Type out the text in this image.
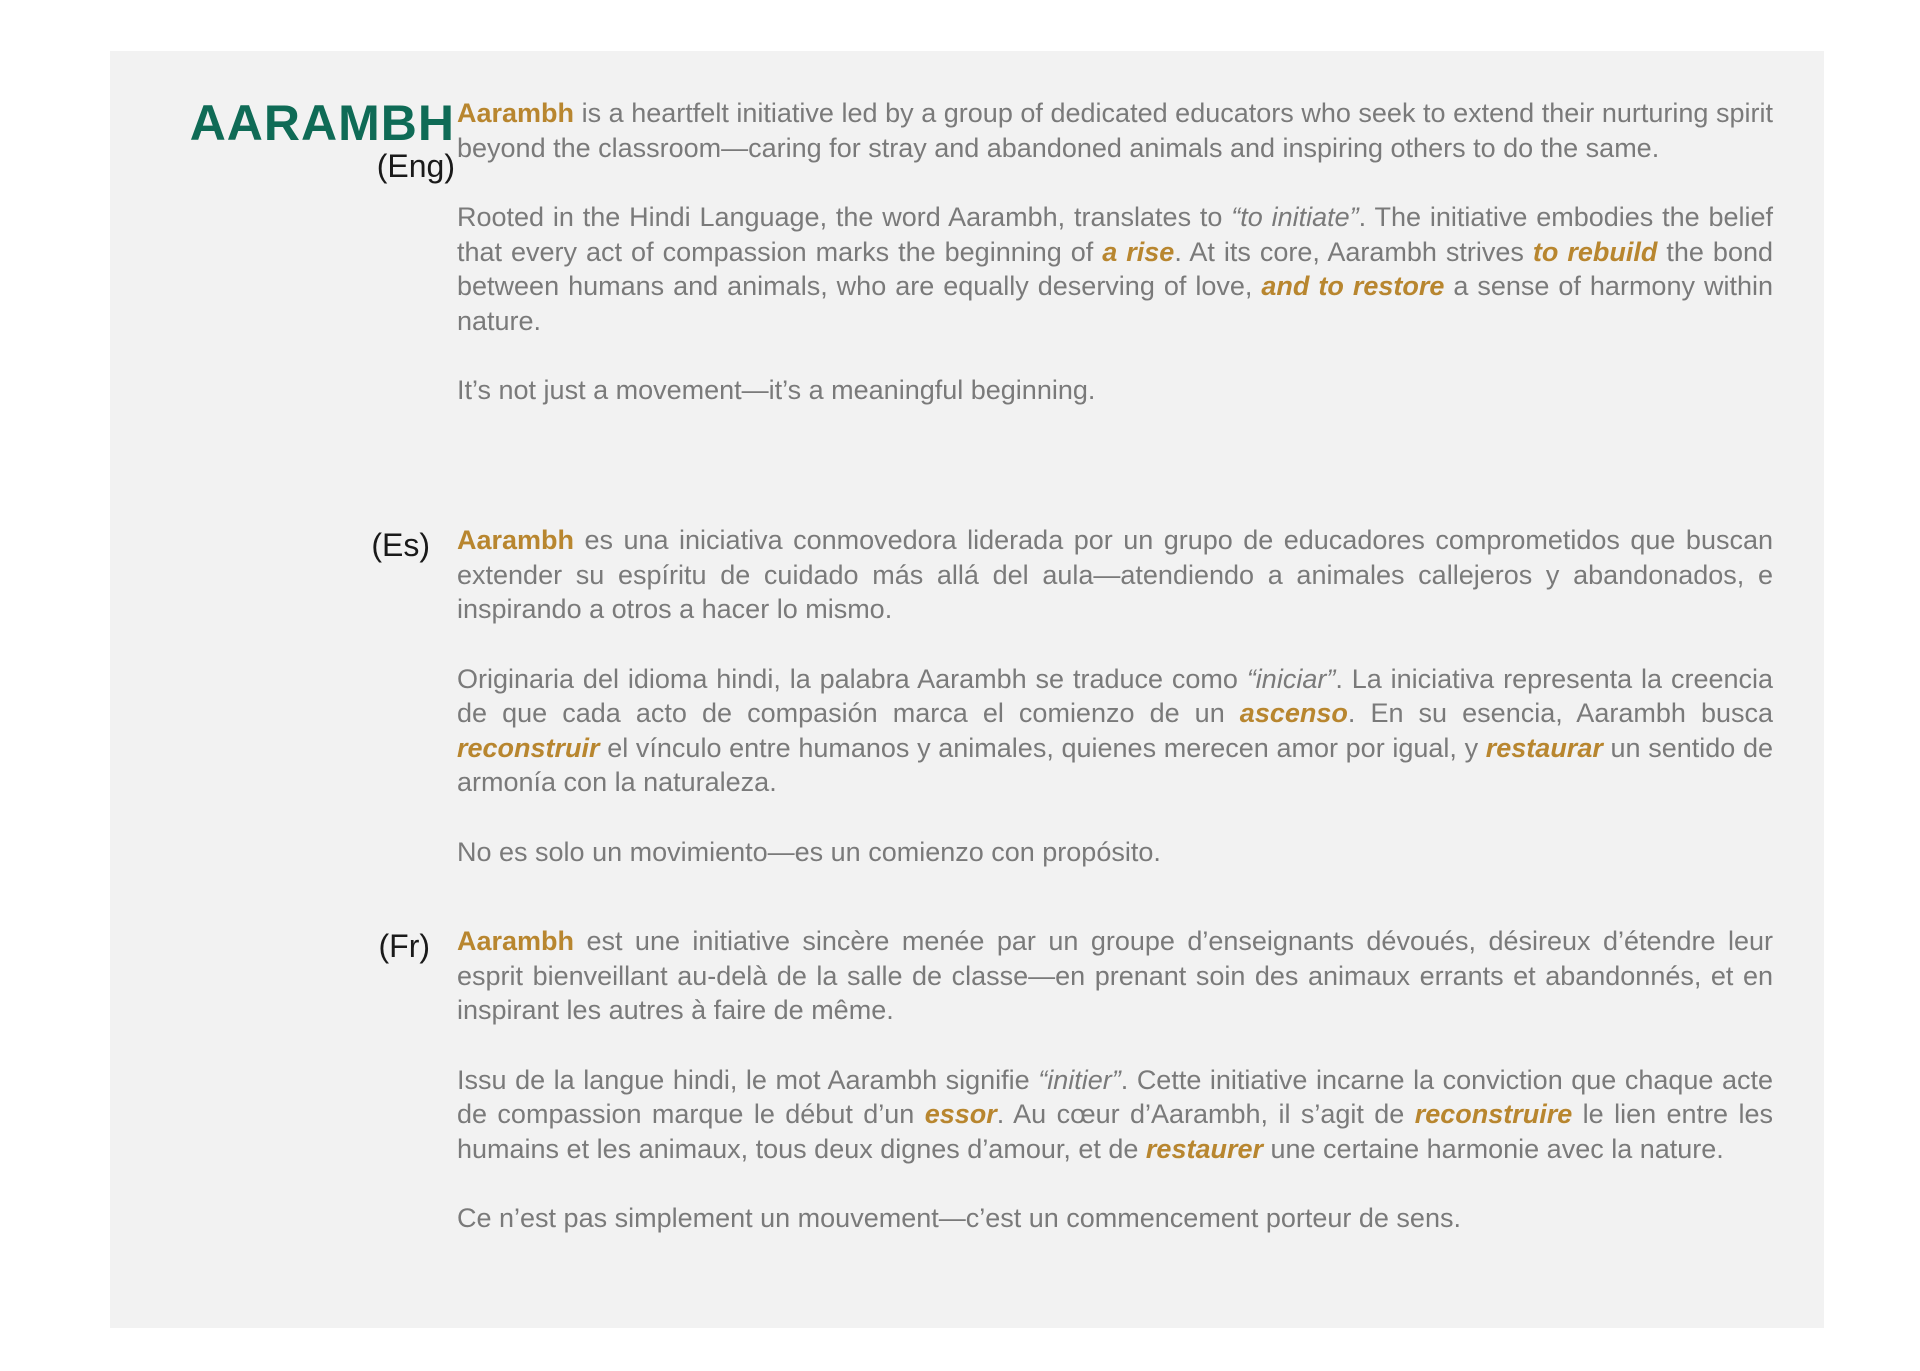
AARAMBH
(Eng)

Aarambh is a heartfelt initiative led by a group of dedicated educators who seek to extend their nurturing spirit beyond the classroom—caring for stray and abandoned animals and inspiring others to do the same.

Rooted in the Hindi Language, the word Aarambh, translates to “to initiate”. The initiative embodies the belief that every act of compassion marks the beginning of a rise. At its core, Aarambh strives to rebuild the bond between humans and animals, who are equally deserving of love, and to restore a sense of harmony within nature.

It’s not just a movement—it’s a meaningful beginning.

(Es) Aarambh es una iniciativa conmovedora liderada por un grupo de educadores comprometidos que buscan extender su espíritu de cuidado más allá del aula—atendiendo a animales callejeros y abandonados, e inspirando a otros a hacer lo mismo.

Originaria del idioma hindi, la palabra Aarambh se traduce como “iniciar”. La iniciativa representa la creencia de que cada acto de compasión marca el comienzo de un ascenso. En su esencia, Aarambh busca reconstruir el vínculo entre humanos y animales, quienes merecen amor por igual, y restaurar un sentido de armonía con la naturaleza.

No es solo un movimiento—es un comienzo con propósito.

(Fr) Aarambh est une initiative sincère menée par un groupe d’enseignants dévoués, désireux d’étendre leur esprit bienveillant au-delà de la salle de classe—en prenant soin des animaux errants et abandonnés, et en inspirant les autres à faire de même.

Issu de la langue hindi, le mot Aarambh signifie “initier”. Cette initiative incarne la conviction que chaque acte de compassion marque le début d’un essor. Au cœur d’Aarambh, il s’agit de reconstruire le lien entre les humains et les animaux, tous deux dignes d’amour, et de restaurer une certaine harmonie avec la nature.

Ce n’est pas simplement un mouvement—c’est un commencement porteur de sens.
